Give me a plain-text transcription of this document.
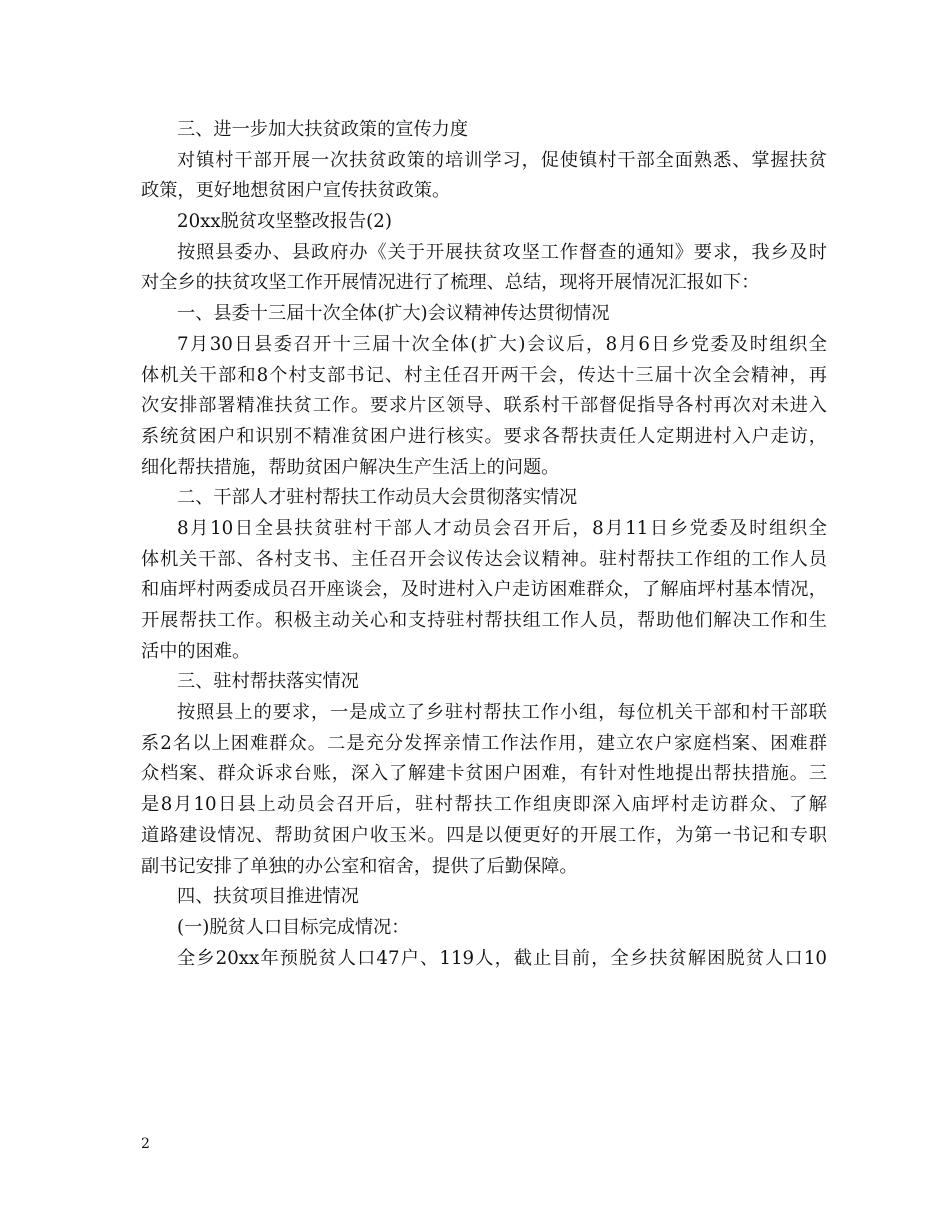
三、进一步加大扶贫政策的宣传力度
对镇村干部开展一次扶贫政策的培训学习，促使镇村干部全面熟悉、掌握扶贫
政策，更好地想贫困户宣传扶贫政策。
20xx脱贫攻坚整改报告(2)
按照县委办、县政府办《关于开展扶贫攻坚工作督查的通知》要求，我乡及时
对全乡的扶贫攻坚工作开展情况进行了梳理、总结，现将开展情况汇报如下：
一、县委十三届十次全体(扩大)会议精神传达贯彻情况
7月30日县委召开十三届十次全体(扩大)会议后，8月6日乡党委及时组织全
体机关干部和8个村支部书记、村主任召开两干会，传达十三届十次全会精神，再
次安排部署精准扶贫工作。要求片区领导、联系村干部督促指导各村再次对未进入
系统贫困户和识别不精准贫困户进行核实。要求各帮扶责任人定期进村入户走访，
细化帮扶措施，帮助贫困户解决生产生活上的问题。
二、干部人才驻村帮扶工作动员大会贯彻落实情况
8月10日全县扶贫驻村干部人才动员会召开后，8月11日乡党委及时组织全
体机关干部、各村支书、主任召开会议传达会议精神。驻村帮扶工作组的工作人员
和庙坪村两委成员召开座谈会，及时进村入户走访困难群众，了解庙坪村基本情况，
开展帮扶工作。积极主动关心和支持驻村帮扶组工作人员，帮助他们解决工作和生
活中的困难。
三、驻村帮扶落实情况
按照县上的要求，一是成立了乡驻村帮扶工作小组，每位机关干部和村干部联
系2名以上困难群众。二是充分发挥亲情工作法作用，建立农户家庭档案、困难群
众档案、群众诉求台账，深入了解建卡贫困户困难，有针对性地提出帮扶措施。三
是8月10日县上动员会召开后，驻村帮扶工作组庚即深入庙坪村走访群众、了解
道路建设情况、帮助贫困户收玉米。四是以便更好的开展工作，为第一书记和专职
副书记安排了单独的办公室和宿舍，提供了后勤保障。
四、扶贫项目推进情况
(一)脱贫人口目标完成情况：
全乡20xx年预脱贫人口47户、119人，截止目前，全乡扶贫解困脱贫人口10
2
